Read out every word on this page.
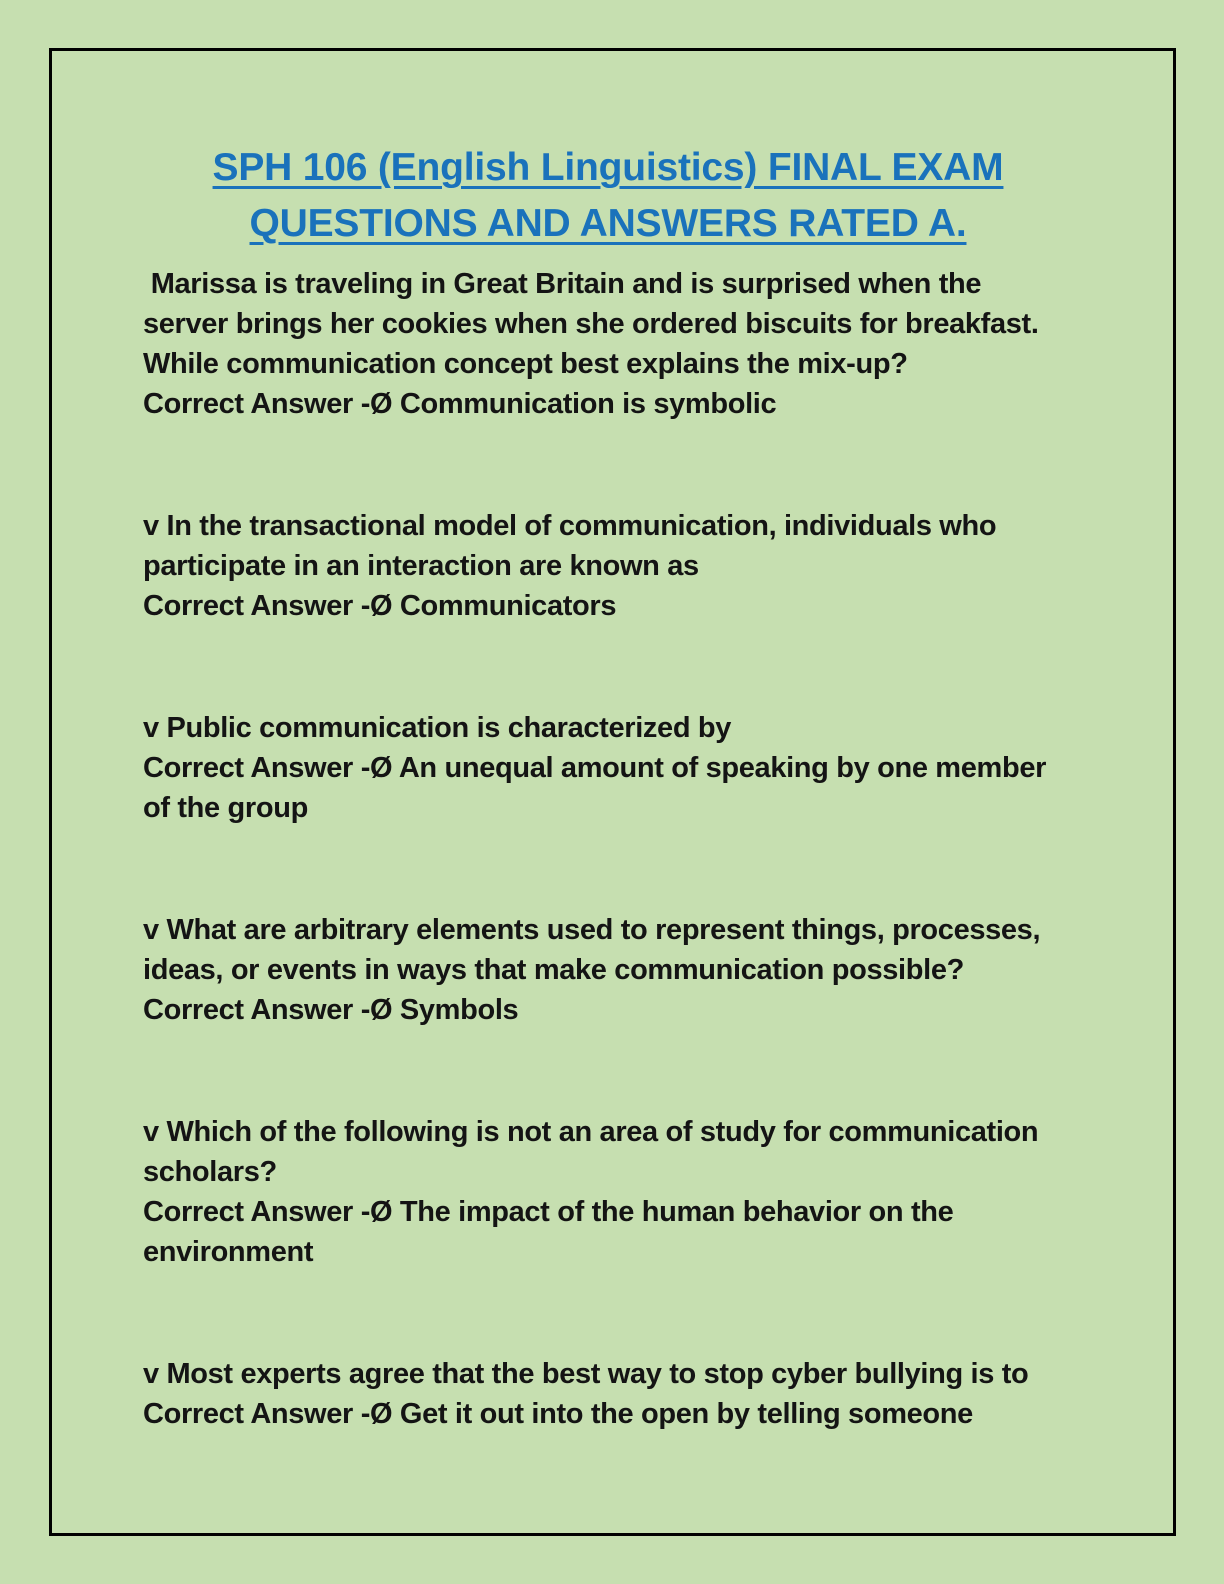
SPH 106 (English Linguistics) FINAL EXAM
QUESTIONS AND ANSWERS RATED A.

Marissa is traveling in Great Britain and is surprised when the server brings her cookies when she ordered biscuits for breakfast. While communication concept best explains the mix-up?

Correct Answer -Ø Communication is symbolic

v In the transactional model of communication, individuals who participate in an interaction are known as

Correct Answer -Ø Communicators

v Public communication is characterized by

Correct Answer -Ø An unequal amount of speaking by one member of the group

v What are arbitrary elements used to represent things, processes, ideas, or events in ways that make communication possible?

Correct Answer -Ø Symbols

v Which of the following is not an area of study for communication scholars?

Correct Answer -Ø The impact of the human behavior on the environment

v Most experts agree that the best way to stop cyber bullying is to

Correct Answer -Ø Get it out into the open by telling someone
